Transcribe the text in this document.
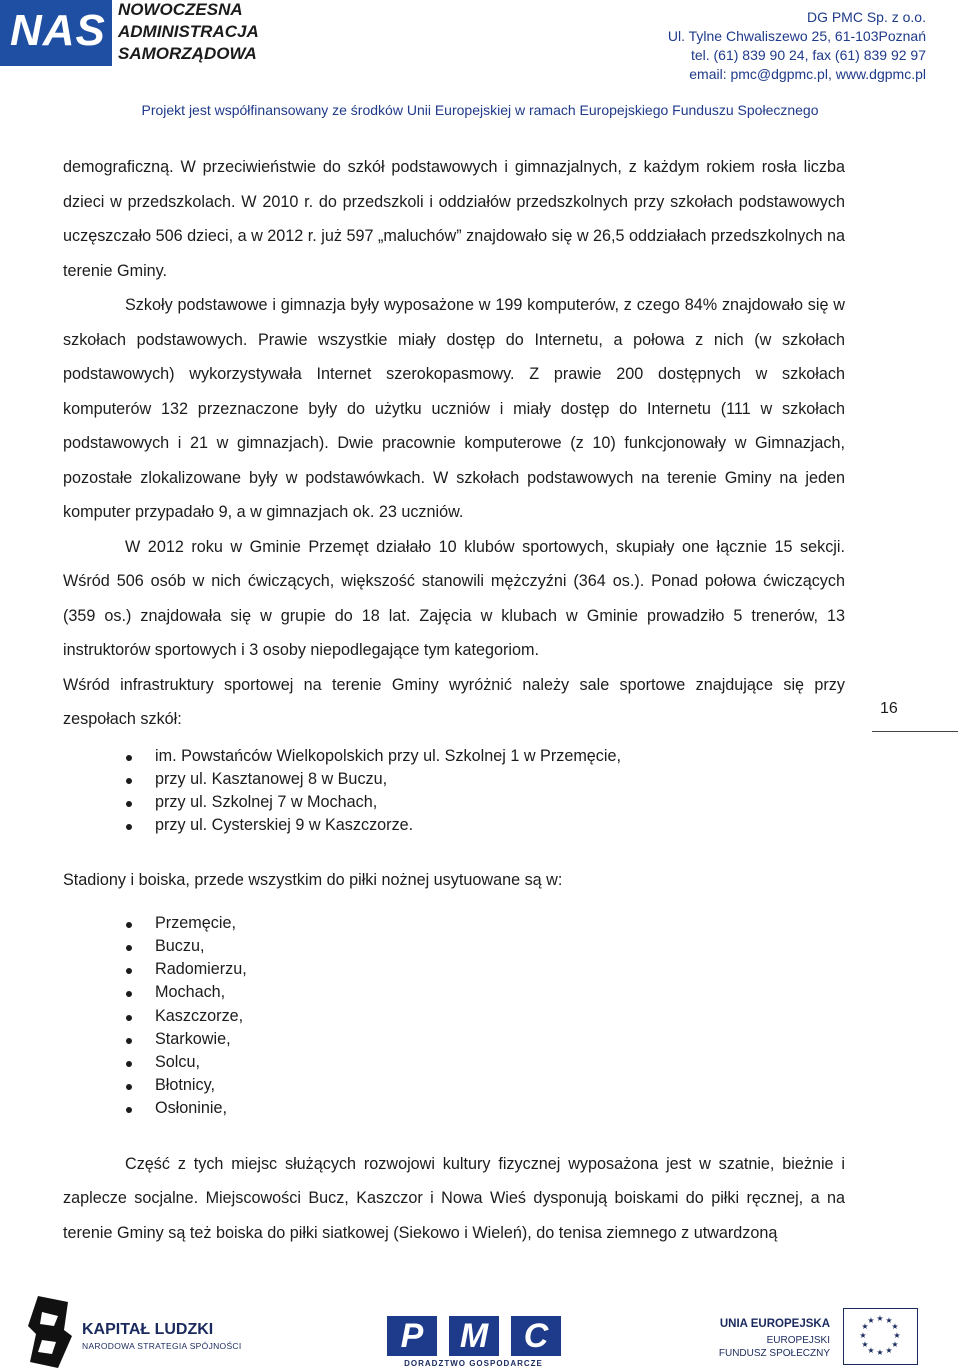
NAS NOWOCZESNA
ADMINISTRACJA
SAMORZĄDOWA
DG PMC Sp. z o.o.
Ul. Tylne Chwaliszewo 25, 61-103Poznań
tel. (61) 839 90 24, fax (61) 839 92 97
email: pmc@dgpmc.pl, www.dgpmc.pl
Projekt jest współfinansowany ze środków Unii Europejskiej w ramach Europejskiego Funduszu Społecznego

demograficzną. W przeciwieństwie do szkół podstawowych i gimnazjalnych, z każdym rokiem rosła liczba dzieci w przedszkolach. W 2010 r. do przedszkoli i oddziałów przedszkolnych przy szkołach podstawowych uczęszczało 506 dzieci, a w 2012 r. już 597 „maluchów” znajdowało się w 26,5 oddziałach przedszkolnych na terenie Gminy.

Szkoły podstawowe i gimnazja były wyposażone w 199 komputerów, z czego 84% znajdowało się w szkołach podstawowych. Prawie wszystkie miały dostęp do Internetu, a połowa z nich (w szkołach podstawowych) wykorzystywała Internet szerokopasmowy. Z prawie 200 dostępnych w szkołach komputerów 132 przeznaczone były do użytku uczniów i miały dostęp do Internetu (111 w szkołach podstawowych i 21 w gimnazjach). Dwie pracownie komputerowe (z 10) funkcjonowały w Gimnazjach, pozostałe zlokalizowane były w podstawówkach. W szkołach podstawowych na terenie Gminy na jeden komputer przypadało 9, a w gimnazjach ok. 23 uczniów.

W 2012 roku w Gminie Przemęt działało 10 klubów sportowych, skupiały one łącznie 15 sekcji. Wśród 506 osób w nich ćwiczących, większość stanowili mężczyźni (364 os.). Ponad połowa ćwiczących (359 os.) znajdowała się w grupie do 18 lat. Zajęcia w klubach w Gminie prowadziło 5 trenerów, 13 instruktorów sportowych i 3 osoby niepodlegające tym kategoriom.

Wśród infrastruktury sportowej na terenie Gminy wyróżnić należy sale sportowe znajdujące się przy zespołach szkół:

im. Powstańców Wielkopolskich przy ul. Szkolnej 1 w Przemęcie,
przy ul. Kasztanowej 8 w Buczu,
przy ul. Szkolnej 7 w Mochach,
przy ul. Cysterskiej 9 w Kaszczorze.

Stadiony i boiska, przede wszystkim do piłki nożnej usytuowane są w:

Przemęcie,
Buczu,
Radomierzu,
Mochach,
Kaszczorze,
Starkowie,
Solcu,
Błotnicy,
Osłoninie,

Część z tych miejsc służących rozwojowi kultury fizycznej wyposażona jest w szatnie, bieżnie i zaplecze socjalne. Miejscowości Bucz, Kaszczor i Nowa Wieś dysponują boiskami do piłki ręcznej, a na terenie Gminy są też boiska do piłki siatkowej (Siekowo i Wieleń), do tenisa ziemnego z utwardzoną

16
KAPITAŁ LUDZKI
NARODOWA STRATEGIA SPÓJNOŚCI	P	M	C
DORADZTWO GOSPODARCZE
UNIA EUROPEJSKA
EUROPEJSKI
FUNDUSZ SPOŁECZNY
★ ★
★
★
★
★
★
★
★
★
★
★
